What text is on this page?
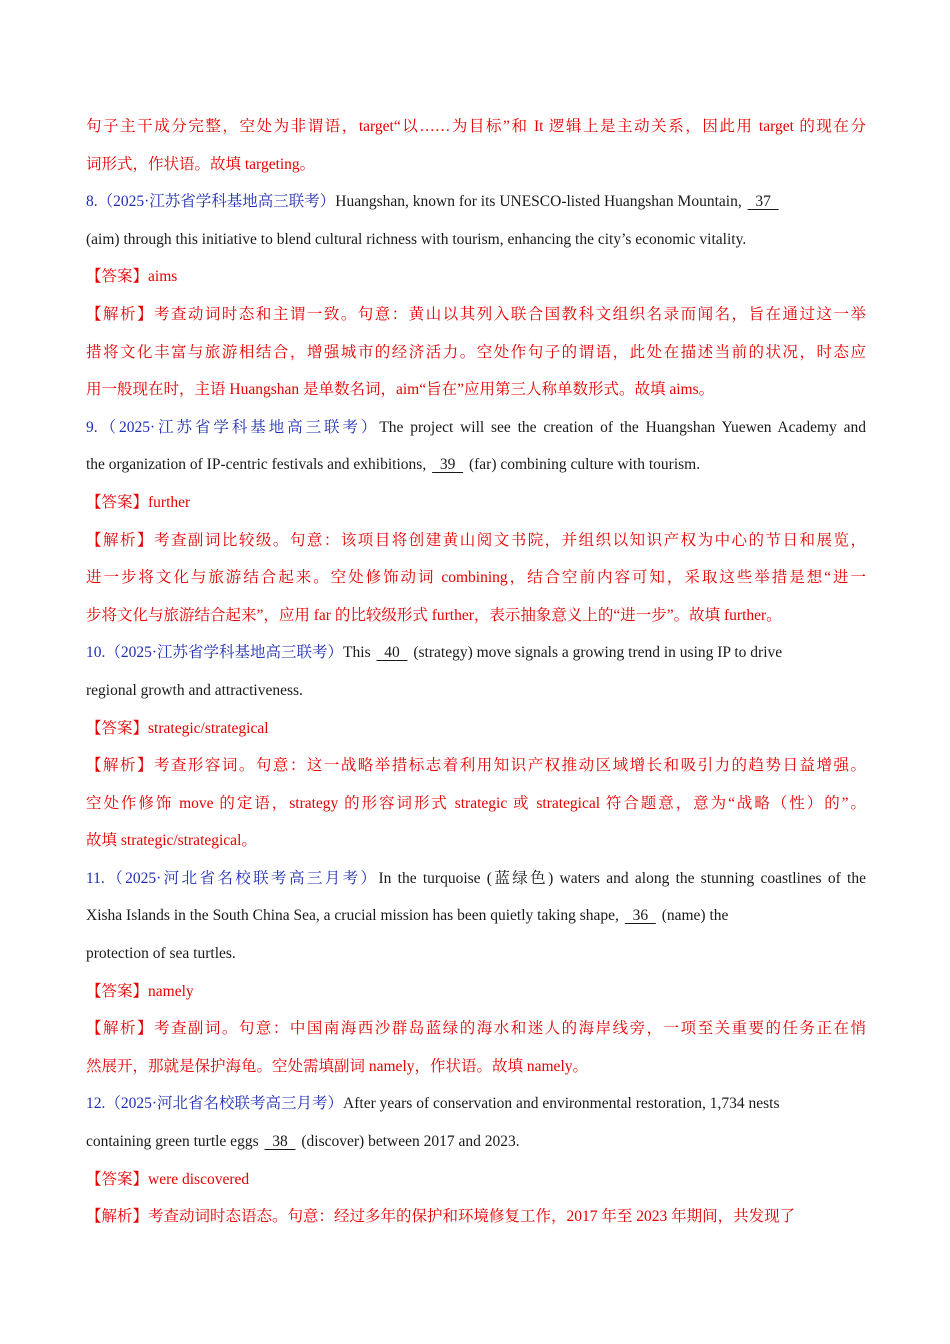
句子主干成分完整，空处为非谓语，target“以……为目标”和 It 逻辑上是主动关系，因此用 target 的现在分
词形式，作状语。故填 targeting。
8.（2025·江苏省学科基地高三联考）Huangshan, known for its UNESCO-listed Huangshan Mountain,   37
(aim) through this initiative to blend cultural richness with tourism, enhancing the city’s economic vitality.
【答案】aims
【解析】考查动词时态和主谓一致。句意：黄山以其列入联合国教科文组织名录而闻名，旨在通过这一举
措将文化丰富与旅游相结合，增强城市的经济活力。空处作句子的谓语，此处在描述当前的状况，时态应
用一般现在时，主语 Huangshan 是单数名词，aim“旨在”应用第三人称单数形式。故填 aims。
9.（2025·江苏省学科基地高三联考）The project will see the creation of the Huangshan Yuewen Academy and
the organization of IP-centric festivals and exhibitions,   39   (far) combining culture with tourism.
【答案】further
【解析】考查副词比较级。句意：该项目将创建黄山阅文书院，并组织以知识产权为中心的节日和展览，
进一步将文化与旅游结合起来。空处修饰动词 combining，结合空前内容可知，采取这些举措是想“进一
步将文化与旅游结合起来”，应用 far 的比较级形式 further，表示抽象意义上的“进一步”。故填 further。
10.（2025·江苏省学科基地高三联考）This   40   (strategy) move signals a growing trend in using IP to drive
regional growth and attractiveness.
【答案】strategic/strategical
【解析】考查形容词。句意：这一战略举措标志着利用知识产权推动区域增长和吸引力的趋势日益增强。
空处作修饰 move 的定语，strategy 的形容词形式 strategic 或 strategical 符合题意，意为“战略（性）的”。
故填 strategic/strategical。
11.（2025·河北省名校联考高三月考）In the turquoise (蓝绿色) waters and along the stunning coastlines of the
Xisha Islands in the South China Sea, a crucial mission has been quietly taking shape,   36   (name) the
protection of sea turtles.
【答案】namely
【解析】考查副词。句意：中国南海西沙群岛蓝绿的海水和迷人的海岸线旁，一项至关重要的任务正在悄
然展开，那就是保护海龟。空处需填副词 namely，作状语。故填 namely。
12.（2025·河北省名校联考高三月考）After years of conservation and environmental restoration, 1,734 nests
containing green turtle eggs   38   (discover) between 2017 and 2023.
【答案】were discovered
【解析】考查动词时态语态。句意：经过多年的保护和环境修复工作，2017 年至 2023 年期间，共发现了
